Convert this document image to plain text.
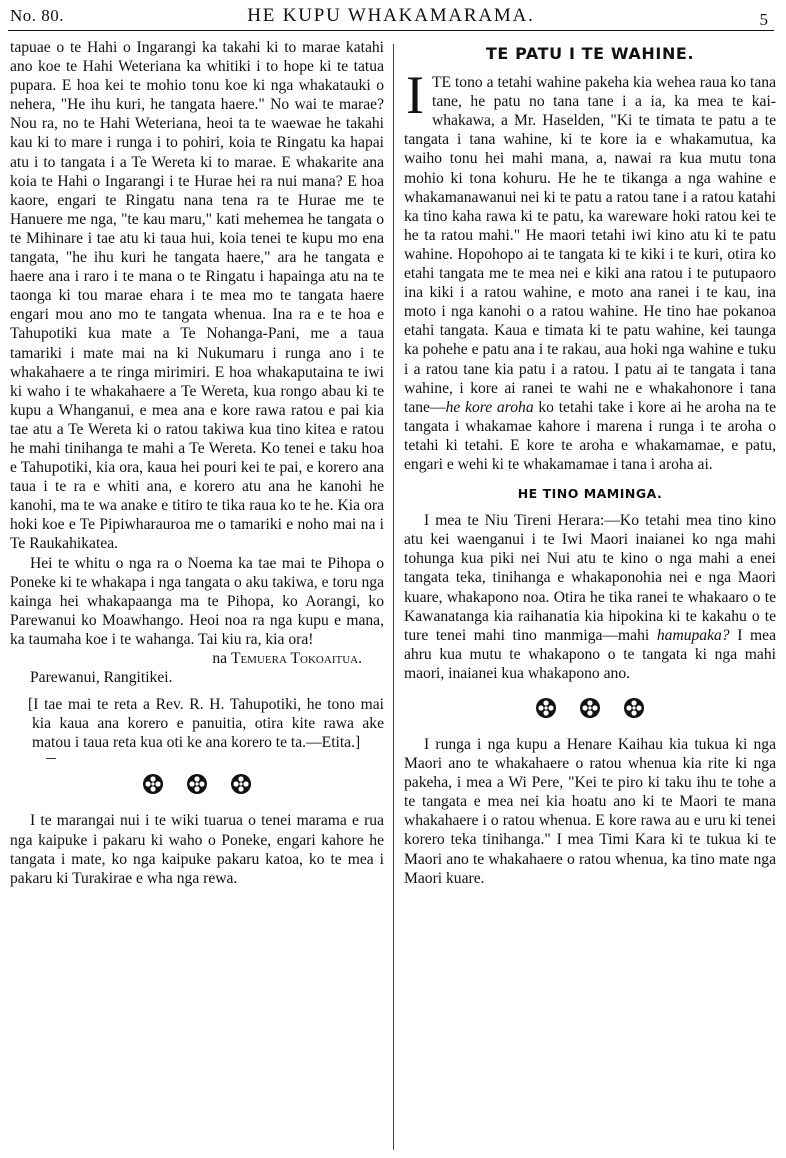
No. 80.	HE KUPU WHAKAMARAMA.	5

tapuae o te Hahi o Ingarangi ka takahi ki to marae katahi ano koe te Hahi Weteriana ka whitiki i to hope ki te tatua pupara. E hoa kei te mohio tonu koe ki nga whakatauki o nehera, "He ihu kuri, he tangata haere." No wai te marae? Nou ra, no te Hahi Weteriana, heoi ta te waewae he takahi kau ki to mare i runga i to pohiri, koia te Ringatu ka hapai atu i to tangata i a Te Wereta ki to marae. E whakarite ana koia te Hahi o Ingarangi i te Hurae hei ra nui mana? E hoa kaore, engari te Ringatu nana tena ra te Hurae me te Hanuere me nga, "te kau maru," kati mehemea he tangata o te Mihinare i tae atu ki taua hui, koia tenei te kupu mo ena tangata, "he ihu kuri he tangata haere," ara he tangata e haere ana i raro i te mana o te Ringatu i hapainga atu na te taonga ki tou marae ehara i te mea mo te tangata haere engari mou ano mo te tangata whenua. Ina ra e te hoa e Tahupotiki kua mate a Te Nohanga-Pani, me a taua tamariki i mate mai na ki Nukumaru i runga ano i te whakahaere a te ringa mirimiri. E hoa whakaputaina te iwi ki waho i te whakahaere a Te Wereta, kua rongo abau ki te kupu a Whanganui, e mea ana e kore rawa ratou e pai kia tae atu a Te Wereta ki o ratou takiwa kua tino kitea e ratou he mahi tinihanga te mahi a Te Wereta. Ko tenei e taku hoa e Tahupotiki, kia ora, kaua hei pouri kei te pai, e korero ana taua i te ra e whiti ana, e korero atu ana he kanohi he kanohi, ma te wa anake e titiro te tika raua ko te he. Kia ora hoki koe e Te Pipiwharauroa me o tamariki e noho mai na i Te Raukahikatea.

Hei te whitu o nga ra o Noema ka tae mai te Pihopa o Poneke ki te whakapa i nga tangata o aku takiwa, e toru nga kainga hei whakapaanga ma te Pihopa, ko Aorangi, ko Parewanui ko Moawhango. Heoi noa ra nga kupu e mana, ka taumaha koe i te wahanga. Tai kiu ra, kia ora!

na Temuera Tokoaitua.

Parewanui, Rangitikei.

[I tae mai te reta a Rev. R. H. Tahupotiki, he tono mai kia kaua ana korero e panuitia, otira kite rawa ake matou i taua reta kua oti ke ana korero te ta.—Etita.]

I te marangai nui i te wiki tuarua o tenei marama e rua nga kaipuke i pakaru ki waho o Poneke, engari kahore he tangata i mate, ko nga kaipuke pakaru katoa, ko te mea i pakaru ki Turakirae e wha nga rewa.

TE PATU I TE WAHINE.

ITE tono a tetahi wahine pakeha kia wehea raua ko tana tane, he patu no tana tane i a ia, ka mea te kai-whakawa, a Mr. Haselden, "Ki te timata te patu a te tangata i tana wahine, ki te kore ia e whakamutua, ka waiho tonu hei mahi mana, a, nawai ra kua mutu tona mohio ki tona kohuru. He he te tikanga a nga wahine e whakamanawanui nei ki te patu a ratou tane i a ratou katahi ka tino kaha rawa ki te patu, ka wareware hoki ratou kei te he ta ratou mahi." He maori tetahi iwi kino atu ki te patu wahine. Hopohopo ai te tangata ki te kiki i te kuri, otira ko etahi tangata me te mea nei e kiki ana ratou i te putupaoro ina kiki i a ratou wahine, e moto ana ranei i te kau, ina moto i nga kanohi o a ratou wahine. He tino hae pokanoa etahi tangata. Kaua e timata ki te patu wahine, kei taunga ka pohehe e patu ana i te rakau, aua hoki nga wahine e tuku i a ratou tane kia patu i a ratou. I patu ai te tangata i tana wahine, i kore ai ranei te wahi ne e whakahonore i tana tane—he kore aroha ko tetahi take i kore ai he aroha na te tangata i whakamae kahore i marena i runga i te aroha o tetahi ki tetahi. E kore te aroha e whakamamae, e patu, engari e wehi ki te whakamamae i tana i aroha ai.

HE TINO MAMINGA.

I mea te Niu Tireni Herara:—Ko tetahi mea tino kino atu kei waenganui i te Iwi Maori inaianei ko nga mahi tohunga kua piki nei Nui atu te kino o nga mahi a enei tangata teka, tinihanga e whakaponohia nei e nga Maori kuare, whakapono noa. Otira he tika ranei te whakaaro o te Kawanatanga kia raihanatia kia hipokina ki te kakahu o te ture tenei mahi tino manmiga—mahi hamupaka? I mea ahru kua mutu te whakapono o te tangata ki nga mahi maori, inaianei kua whakapono ano.

I runga i nga kupu a Henare Kaihau kia tukua ki nga Maori ano te whakahaere o ratou whenua kia rite ki nga pakeha, i mea a Wi Pere, "Kei te piro ki taku ihu te tohe a te tangata e mea nei kia hoatu ano ki te Maori te mana whakahaere i o ratou whenua. E kore rawa au e uru ki tenei korero teka tinihanga." I mea Timi Kara ki te tukua ki te Maori ano te whakahaere o ratou whenua, ka tino mate nga Maori kuare.
